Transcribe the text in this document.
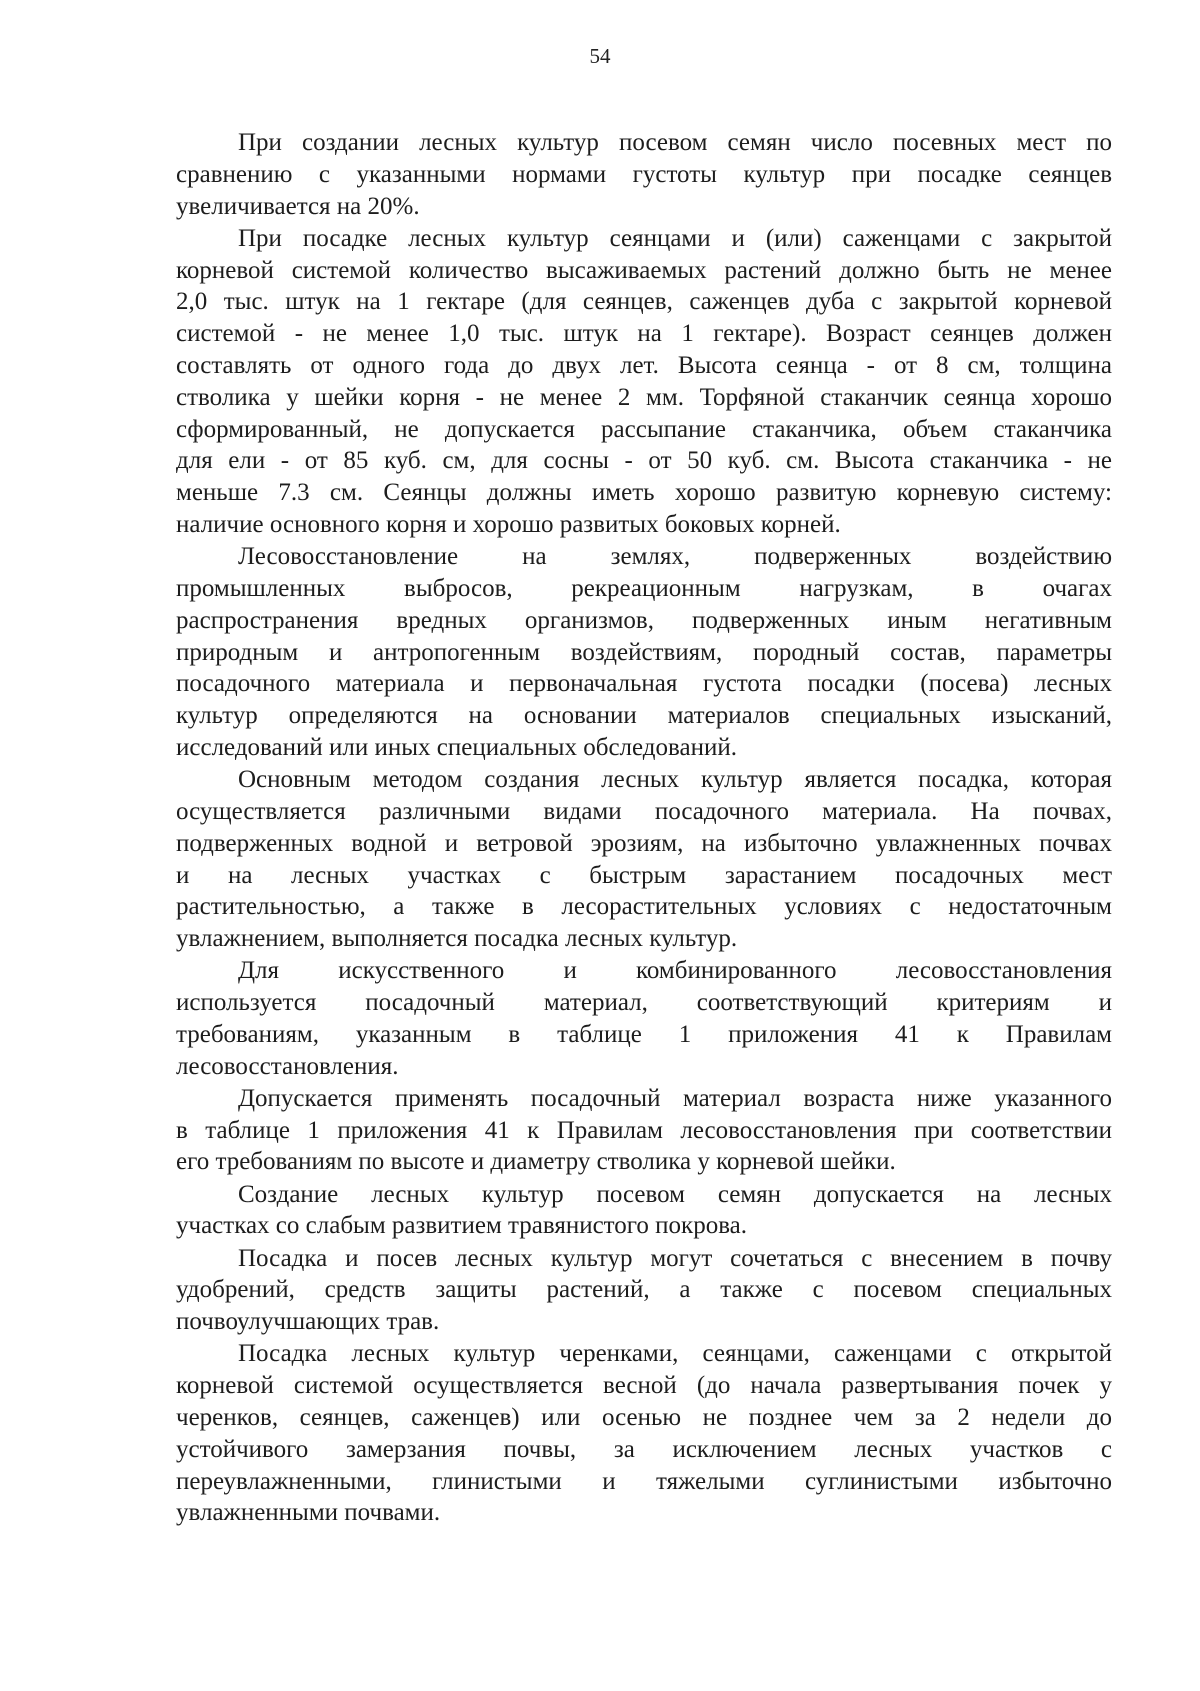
54

При создании лесных культур посевом семян число посевных мест по
сравнению с указанными нормами густоты культур при посадке сеянцев
увеличивается на 20%.

При посадке лесных культур сеянцами и (или) саженцами с закрытой
корневой системой количество высаживаемых растений должно быть не менее
2,0 тыс. штук на 1 гектаре (для сеянцев, саженцев дуба с закрытой корневой
системой - не менее 1,0 тыс. штук на 1 гектаре). Возраст сеянцев должен
составлять от одного года до двух лет. Высота сеянца - от 8 см, толщина
стволика у шейки корня - не менее 2 мм. Торфяной стаканчик сеянца хорошо
сформированный, не допускается рассыпание стаканчика, объем стаканчика
для ели - от 85 куб. см, для сосны - от 50 куб. см. Высота стаканчика - не
меньше 7.3 см. Сеянцы должны иметь хорошо развитую корневую систему:
наличие основного корня и хорошо развитых боковых корней.

Лесовосстановление на землях, подверженных воздействию
промышленных выбросов, рекреационным нагрузкам, в очагах
распространения вредных организмов, подверженных иным негативным
природным и антропогенным воздействиям, породный состав, параметры
посадочного материала и первоначальная густота посадки (посева) лесных
культур определяются на основании материалов специальных изысканий,
исследований или иных специальных обследований.

Основным методом создания лесных культур является посадка, которая
осуществляется различными видами посадочного материала. На почвах,
подверженных водной и ветровой эрозиям, на избыточно увлажненных почвах
и на лесных участках с быстрым зарастанием посадочных мест
растительностью, а также в лесорастительных условиях с недостаточным
увлажнением, выполняется посадка лесных культур.

Для искусственного и комбинированного лесовосстановления
используется посадочный материал, соответствующий критериям и
требованиям, указанным в таблице 1 приложения 41 к Правилам
лесовосстановления.

Допускается применять посадочный материал возраста ниже указанного
в таблице 1 приложения 41 к Правилам лесовосстановления при соответствии
его требованиям по высоте и диаметру стволика у корневой шейки.

Создание лесных культур посевом семян допускается на лесных
участках со слабым развитием травянистого покрова.

Посадка и посев лесных культур могут сочетаться с внесением в почву
удобрений, средств защиты растений, а также с посевом специальных
почвоулучшающих трав.

Посадка лесных культур черенками, сеянцами, саженцами с открытой
корневой системой осуществляется весной (до начала развертывания почек у
черенков, сеянцев, саженцев) или осенью не позднее чем за 2 недели до
устойчивого замерзания почвы, за исключением лесных участков с
переувлажненными, глинистыми и тяжелыми суглинистыми избыточно
увлажненными почвами.
